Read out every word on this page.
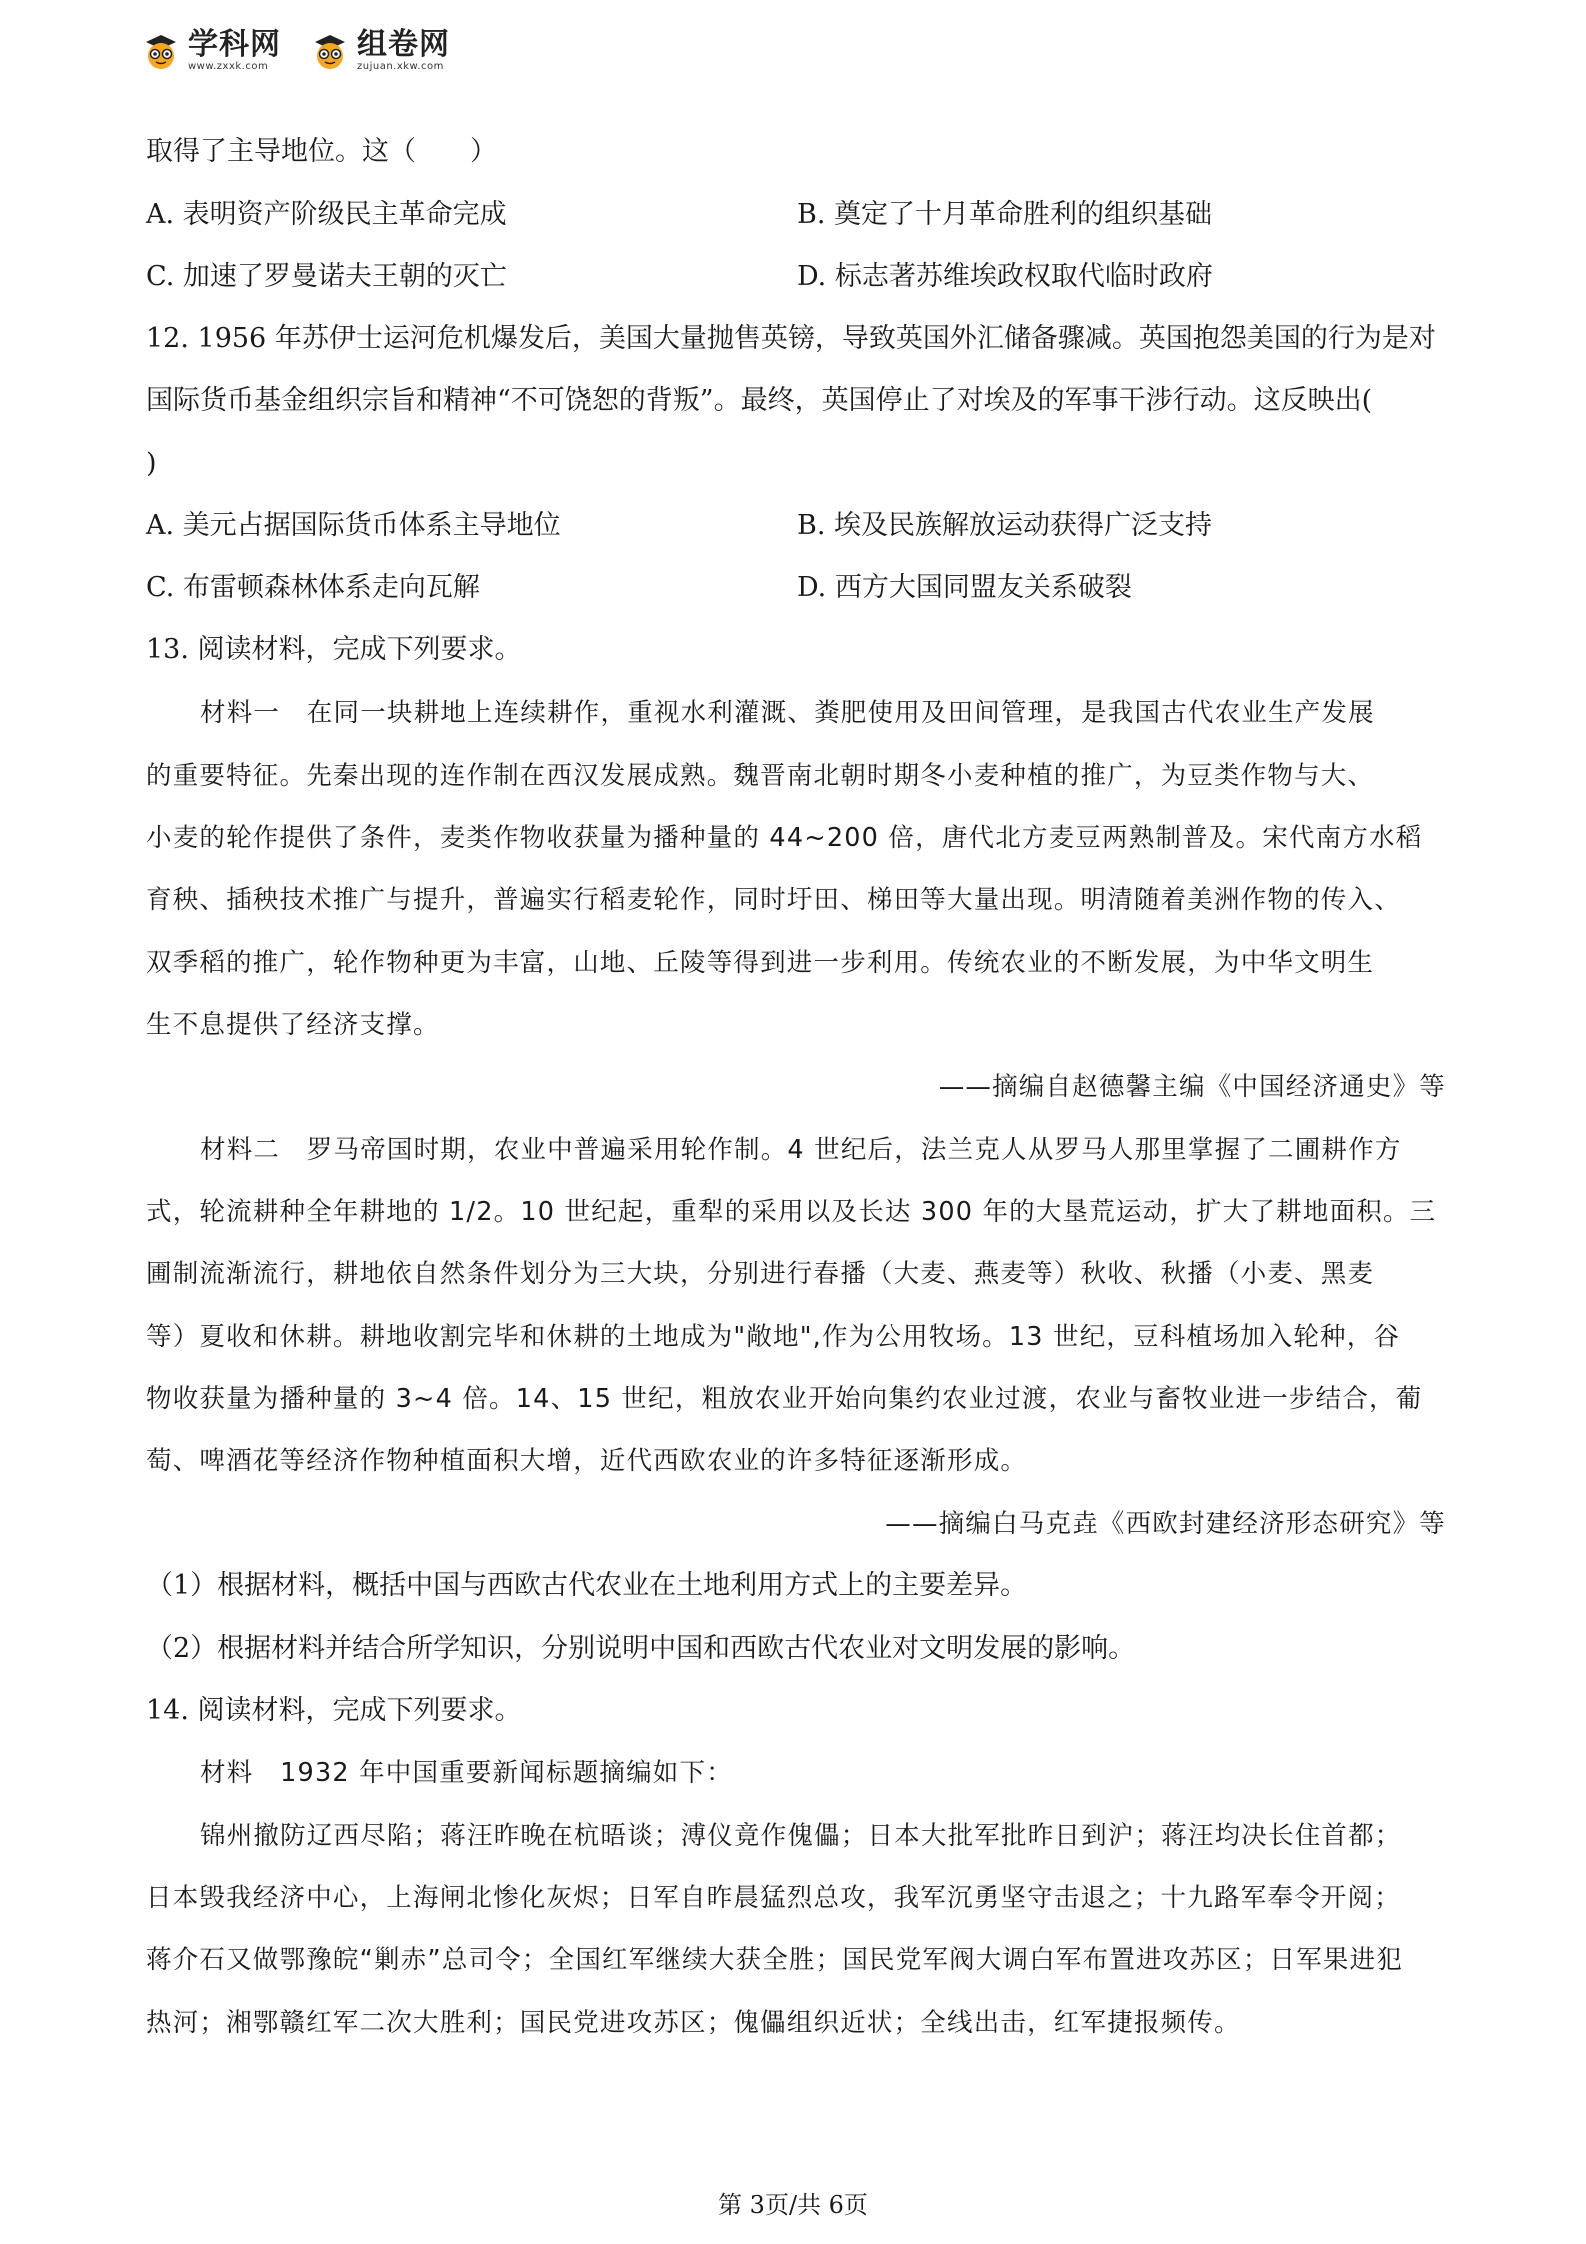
学科网
www.zxxk.com
组卷网
zujuan.xkw.com
取得了主导地位。这（　　）
A. 表明资产阶级民主革命完成	B. 奠定了十月革命胜利的组织基础
C. 加速了罗曼诺夫王朝的灭亡	D. 标志著苏维埃政权取代临时政府
12. 1956 年苏伊士运河危机爆发后，美国大量抛售英镑，导致英国外汇储备骤减。英国抱怨美国的行为是对
国际货币基金组织宗旨和精神“不可饶恕的背叛”。最终，英国停止了对埃及的军事干涉行动。这反映出(
)
A. 美元占据国际货币体系主导地位	B. 埃及民族解放运动获得广泛支持
C. 布雷顿森林体系走向瓦解	D. 西方大国同盟友关系破裂
13. 阅读材料，完成下列要求。
材料一　在同一块耕地上连续耕作，重视水利灌溉、粪肥使用及田间管理，是我国古代农业生产发展
的重要特征。先秦出现的连作制在西汉发展成熟。魏晋南北朝时期冬小麦种植的推广，为豆类作物与大、
小麦的轮作提供了条件，麦类作物收获量为播种量的 44~200 倍，唐代北方麦豆两熟制普及。宋代南方水稻
育秧、插秧技术推广与提升，普遍实行稻麦轮作，同时圩田、梯田等大量出现。明清随着美洲作物的传入、
双季稻的推广，轮作物种更为丰富，山地、丘陵等得到进一步利用。传统农业的不断发展，为中华文明生
生不息提供了经济支撑。
——摘编自赵德馨主编《中国经济通史》等
材料二　罗马帝国时期，农业中普遍采用轮作制。4 世纪后，法兰克人从罗马人那里掌握了二圃耕作方
式，轮流耕种全年耕地的 1/2。10 世纪起，重犁的采用以及长达 300 年的大垦荒运动，扩大了耕地面积。三
圃制流渐流行，耕地依自然条件划分为三大块，分别进行春播（大麦、燕麦等）秋收、秋播（小麦、黑麦
等）夏收和休耕。耕地收割完毕和休耕的土地成为"敞地",作为公用牧场。13 世纪，豆科植场加入轮种，谷
物收获量为播种量的 3~4 倍。14、15 世纪，粗放农业开始向集约农业过渡，农业与畜牧业进一步结合，葡
萄、啤酒花等经济作物种植面积大增，近代西欧农业的许多特征逐渐形成。
——摘编白马克垚《西欧封建经济形态研究》等
（1）根据材料，概括中国与西欧古代农业在土地利用方式上的主要差异。
（2）根据材料并结合所学知识，分别说明中国和西欧古代农业对文明发展的影响。
14. 阅读材料，完成下列要求。
材料　1932 年中国重要新闻标题摘编如下：
锦州撤防辽西尽陷；蒋汪昨晚在杭晤谈；溥仪竟作傀儡；日本大批军批昨日到沪；蒋汪均决长住首都；
日本毁我经济中心，上海闸北惨化灰烬；日军自昨晨猛烈总攻，我军沉勇坚守击退之；十九路军奉令开阅；
蒋介石又做鄂豫皖“剿赤”总司令；全国红军继续大获全胜；国民党军阀大调白军布置进攻苏区；日军果进犯
热河；湘鄂赣红军二次大胜利；国民党进攻苏区；傀儡组织近状；全线出击，红军捷报频传。
第 3页/共 6页
